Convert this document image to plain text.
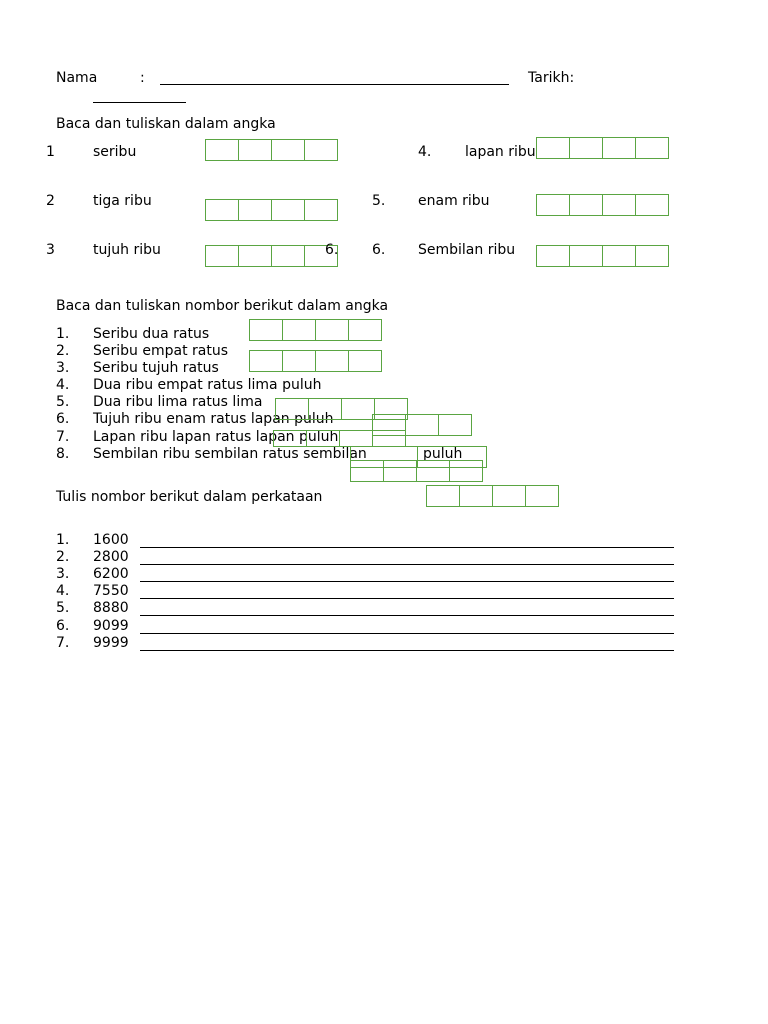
Nama	:	Tarikh:
Baca dan tuliskan dalam angka
1	seribu
2	tiga ribu
3	tujuh ribu	6.
4. lapan ribu
5. enam ribu
6. Sembilan ribu
Baca dan tuliskan nombor berikut dalam angka
1. Seribu dua ratus
2. Seribu empat ratus
3. Seribu tujuh ratus
4. Dua ribu empat ratus lima puluh
5. Dua ribu lima ratus lima
6. Tujuh ribu enam ratus lapan puluh
7. Lapan ribu lapan ratus lapan puluh
8. Sembilan ribu sembilan ratus sembilan	puluh
Tulis nombor berikut dalam perkataan
1. 1600
2. 2800
3. 6200
4. 7550
5. 8880
6. 9099
7. 9999
